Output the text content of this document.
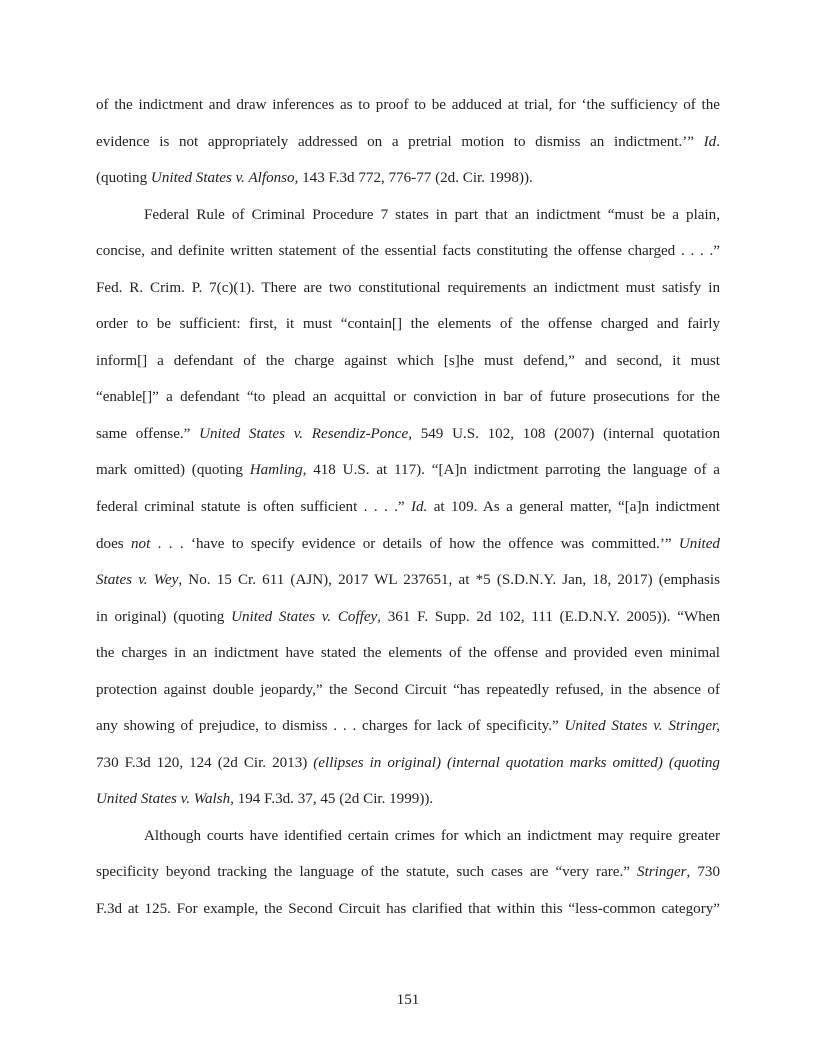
of the indictment and draw inferences as to proof to be adduced at trial, for ‘the sufficiency of the
evidence is not appropriately addressed on a pretrial motion to dismiss an indictment.’” Id.
(quoting United States v. Alfonso, 143 F.3d 772, 776-77 (2d. Cir. 1998)).
Federal Rule of Criminal Procedure 7 states in part that an indictment “must be a plain,
concise, and definite written statement of the essential facts constituting the offense charged . . . .”
Fed. R. Crim. P. 7(c)(1). There are two constitutional requirements an indictment must satisfy in
order to be sufficient: first, it must “contain[] the elements of the offense charged and fairly
inform[] a defendant of the charge against which [s]he must defend,” and second, it must
“enable[]” a defendant “to plead an acquittal or conviction in bar of future prosecutions for the
same offense.” United States v. Resendiz-Ponce, 549 U.S. 102, 108 (2007) (internal quotation
mark omitted) (quoting Hamling, 418 U.S. at 117). “[A]n indictment parroting the language of a
federal criminal statute is often sufficient . . . .” Id. at 109. As a general matter, “[a]n indictment
does not . . . ‘have to specify evidence or details of how the offence was committed.’” United
States v. Wey, No. 15 Cr. 611 (AJN), 2017 WL 237651, at *5 (S.D.N.Y. Jan, 18, 2017) (emphasis
in original) (quoting United States v. Coffey, 361 F. Supp. 2d 102, 111 (E.D.N.Y. 2005)). “When
the charges in an indictment have stated the elements of the offense and provided even minimal
protection against double jeopardy,” the Second Circuit “has repeatedly refused, in the absence of
any showing of prejudice, to dismiss . . . charges for lack of specificity.” United States v. Stringer,
730 F.3d 120, 124 (2d Cir. 2013) (ellipses in original) (internal quotation marks omitted) (quoting
United States v. Walsh, 194 F.3d. 37, 45 (2d Cir. 1999)).
Although courts have identified certain crimes for which an indictment may require greater
specificity beyond tracking the language of the statute, such cases are “very rare.” Stringer, 730
F.3d at 125. For example, the Second Circuit has clarified that within this “less-common category”
151
